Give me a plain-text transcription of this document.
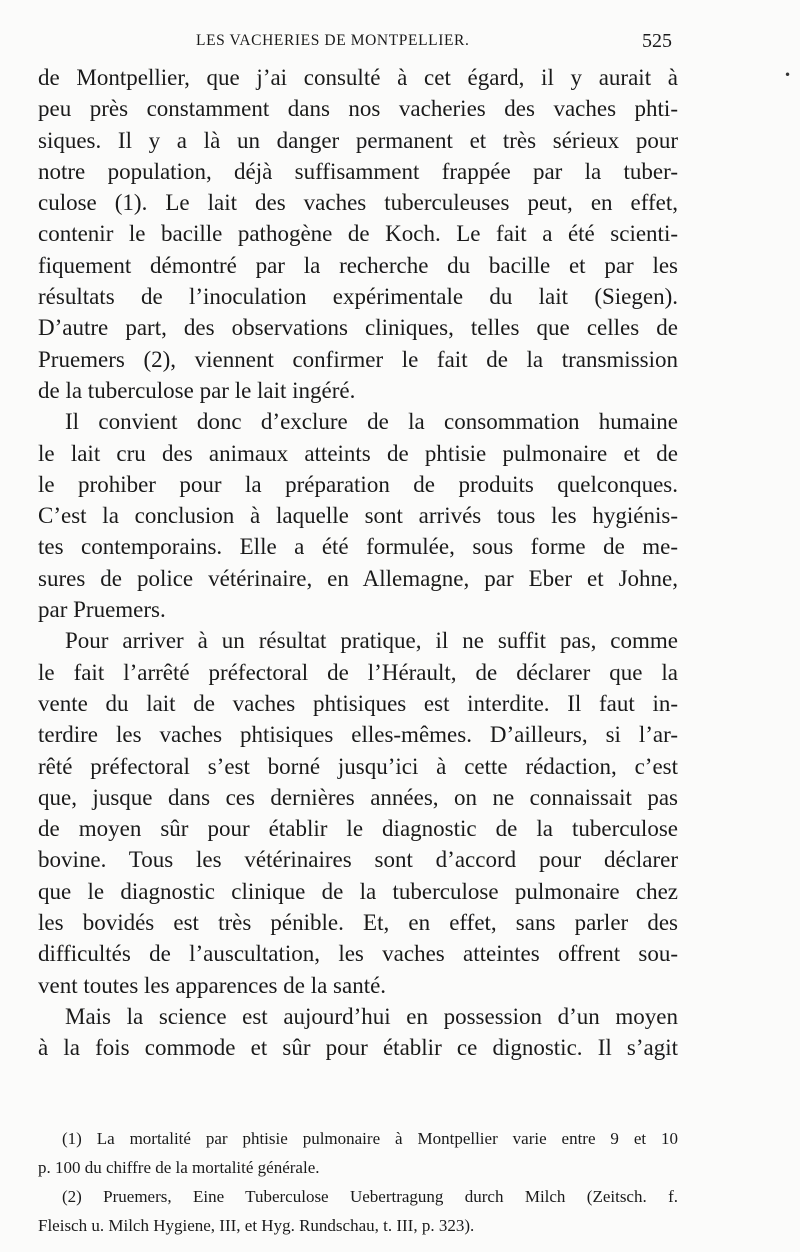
LES VACHERIES DE MONTPELLIER.	525
•
de Montpellier, que j’ai consulté à cet égard, il y aurait à
peu près constamment dans nos vacheries des vaches phti-
siques. Il y a là un danger permanent et très sérieux pour
notre population, déjà suffisamment frappée par la tuber-
culose (1). Le lait des vaches tuberculeuses peut, en effet,
contenir le bacille pathogène de Koch. Le fait a été scienti-
fiquement démontré par la recherche du bacille et par les
résultats de l’inoculation expérimentale du lait (Siegen).
D’autre part, des observations cliniques, telles que celles de
Pruemers (2), viennent confirmer le fait de la transmission
de la tuberculose par le lait ingéré.
Il convient donc d’exclure de la consommation humaine
le lait cru des animaux atteints de phtisie pulmonaire et de
le prohiber pour la préparation de produits quelconques.
C’est la conclusion à laquelle sont arrivés tous les hygiénis-
tes contemporains. Elle a été formulée, sous forme de me-
sures de police vétérinaire, en Allemagne, par Eber et Johne,
par Pruemers.
Pour arriver à un résultat pratique, il ne suffit pas, comme
le fait l’arrêté préfectoral de l’Hérault, de déclarer que la
vente du lait de vaches phtisiques est interdite. Il faut in-
terdire les vaches phtisiques elles-mêmes. D’ailleurs, si l’ar-
rêté préfectoral s’est borné jusqu’ici à cette rédaction, c’est
que, jusque dans ces dernières années, on ne connaissait pas
de moyen sûr pour établir le diagnostic de la tuberculose
bovine. Tous les vétérinaires sont d’accord pour déclarer
que le diagnostic clinique de la tuberculose pulmonaire chez
les bovidés est très pénible. Et, en effet, sans parler des
difficultés de l’auscultation, les vaches atteintes offrent sou-
vent toutes les apparences de la santé.
Mais la science est aujourd’hui en possession d’un moyen
à la fois commode et sûr pour établir ce dignostic. Il s’agit
(1) La mortalité par phtisie pulmonaire à Montpellier varie entre 9 et 10
p. 100 du chiffre de la mortalité générale.
(2) Pruemers, Eine Tuberculose Uebertragung durch Milch (Zeitsch. f.
Fleisch u. Milch Hygiene, III, et Hyg. Rundschau, t. III, p. 323).
